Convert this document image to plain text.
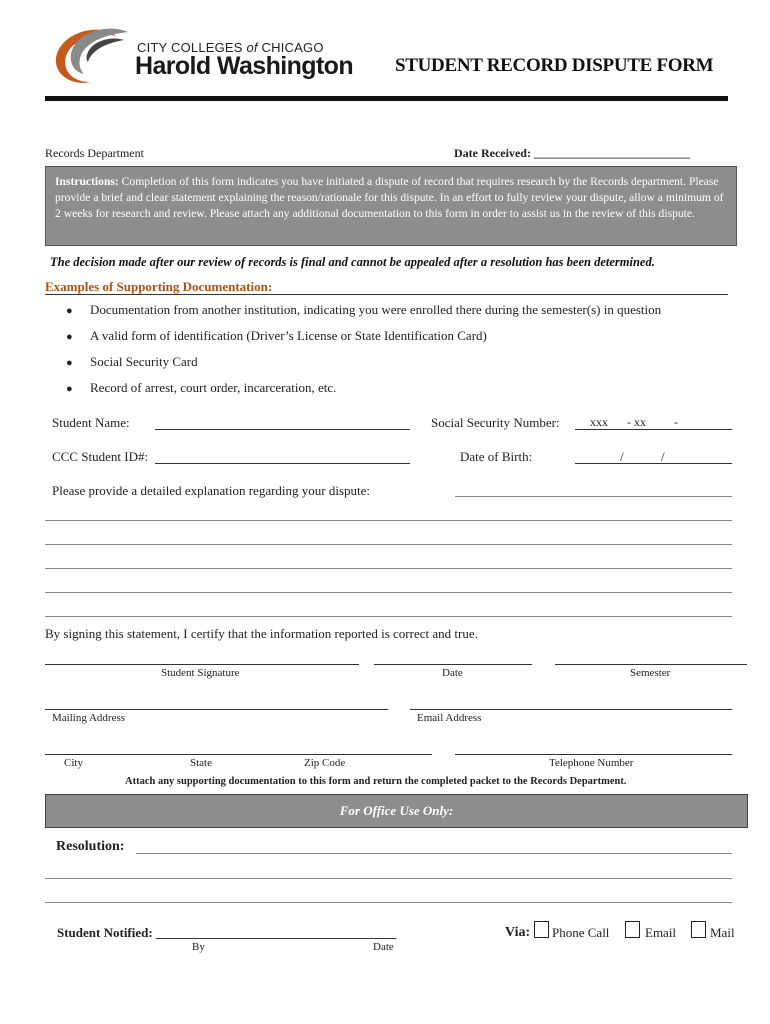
CITY COLLEGES of CHICAGO
Harold Washington STUDENT RECORD DISPUTE FORM
Records Department	Date Received: __________________________
Instructions: Completion of this form indicates you have initiated a dispute of record that requires research by the Records department. Please provide a brief and clear statement explaining the reason/rationale for this dispute. In an effort to fully review your dispute, allow a minimum of 2 weeks for research and review. Please attach any additional documentation to this form in order to assist us in the review of this dispute.
The decision made after our review of records is final and cannot be appealed after a resolution has been determined.
Examples of Supporting Documentation:
● Documentation from another institution, indicating you were enrolled there during the semester(s) in question
● A valid form of identification (Driver’s License or State Identification Card)
● Social Security Card
● Record of arrest, court order, incarceration, etc.
Student Name:	Social Security Number:	xxx - xx -
CCC Student ID#:	Date of Birth:	/	/
Please provide a detailed explanation regarding your dispute:
By signing this statement, I certify that the information reported is correct and true.
Student Signature	Date	Semester
Mailing Address	Email Address
City	State	Zip Code	Telephone Number
Attach any supporting documentation to this form and return the completed packet to the Records Department.
For Office Use Only:
Resolution:
Student Notified: _____________________________________
By	Date
Via: Phone Call	Email	Mail
